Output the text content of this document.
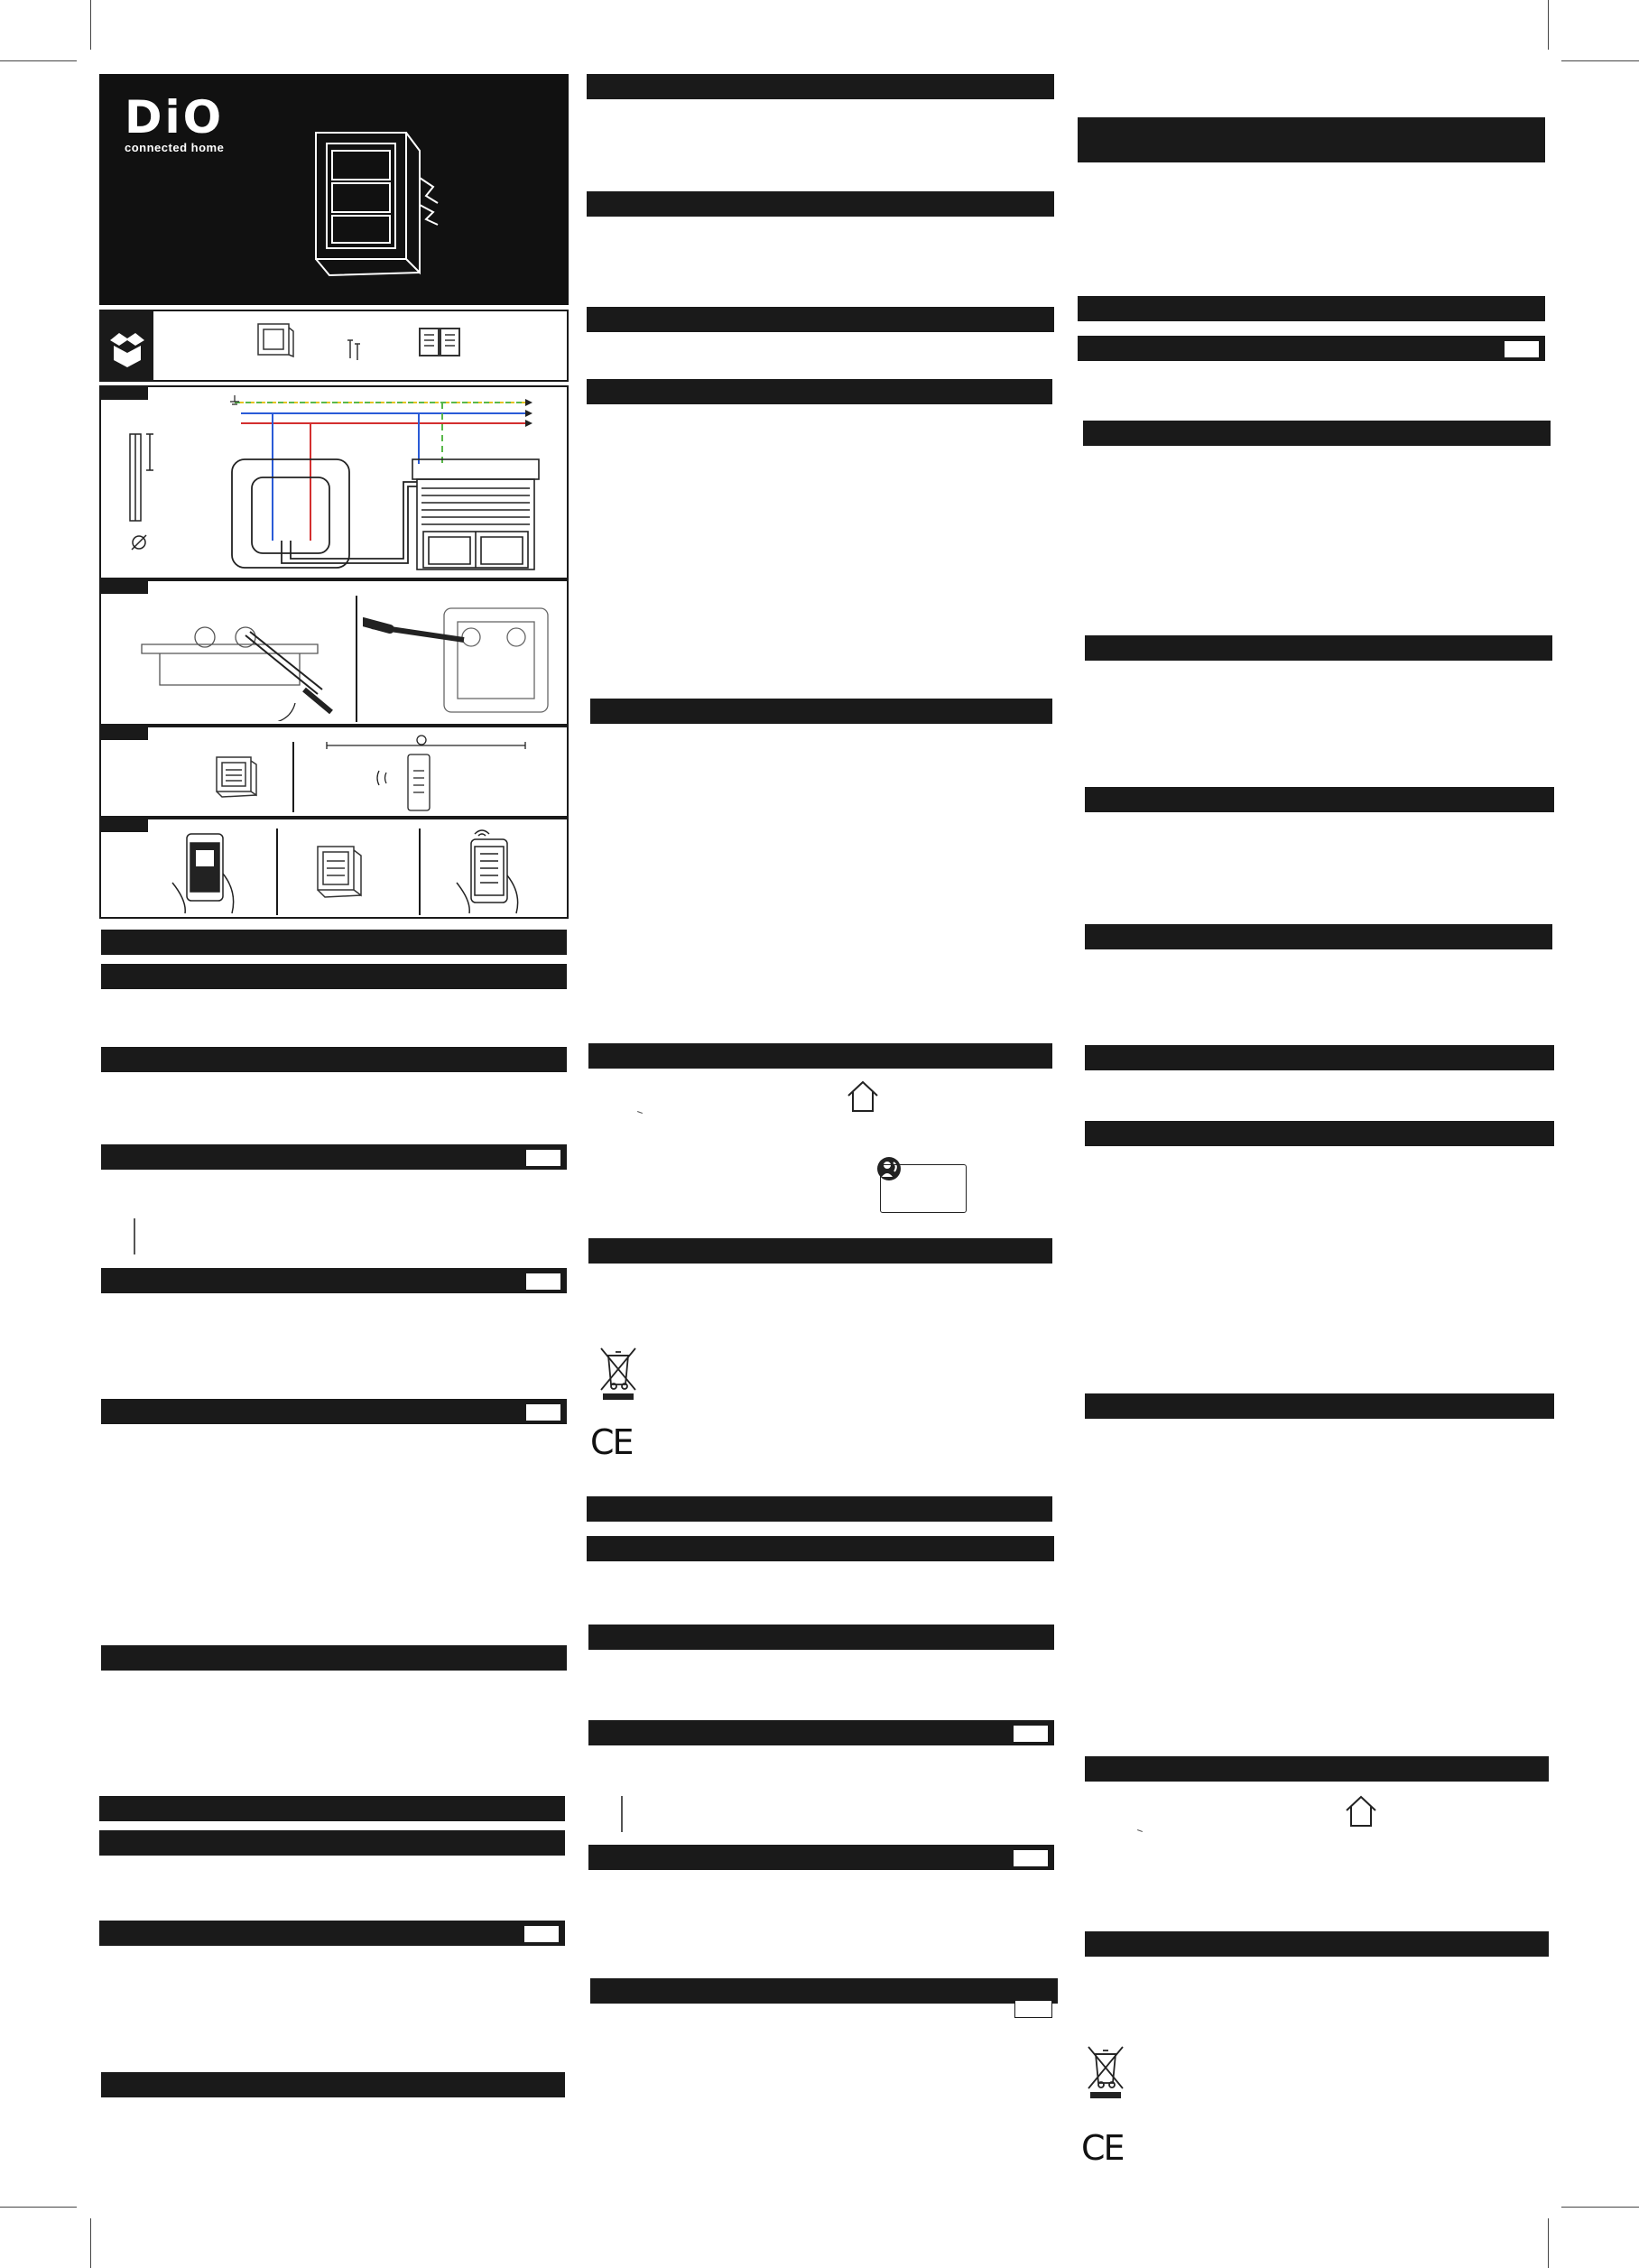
DiO
connected home
CE
CE
